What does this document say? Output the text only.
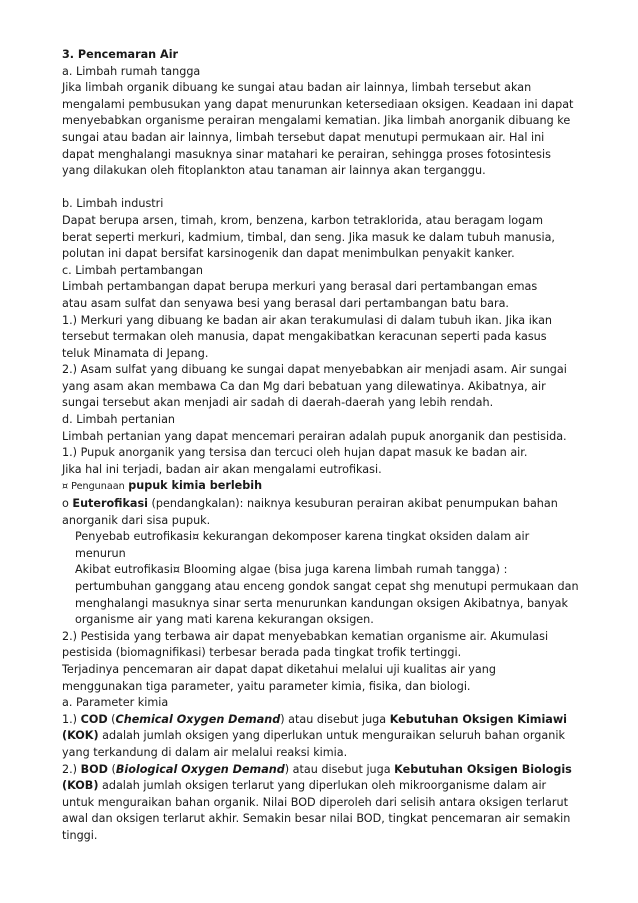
3. Pencemaran Air
a. Limbah rumah tangga
Jika limbah organik dibuang ke sungai atau badan air lainnya, limbah tersebut akan
mengalami pembusukan yang dapat menurunkan ketersediaan oksigen. Keadaan ini dapat
menyebabkan organisme perairan mengalami kematian. Jika limbah anorganik dibuang ke
sungai atau badan air lainnya, limbah tersebut dapat menutupi permukaan air. Hal ini
dapat menghalangi masuknya sinar matahari ke perairan, sehingga proses fotosintesis
yang dilakukan oleh fitoplankton atau tanaman air lainnya akan terganggu.
b. Limbah industri
Dapat berupa arsen, timah, krom, benzena, karbon tetraklorida, atau beragam logam
berat seperti merkuri, kadmium, timbal, dan seng. Jika masuk ke dalam tubuh manusia,
polutan ini dapat bersifat karsinogenik dan dapat menimbulkan penyakit kanker.
c. Limbah pertambangan
Limbah pertambangan dapat berupa merkuri yang berasal dari pertambangan emas
atau asam sulfat dan senyawa besi yang berasal dari pertambangan batu bara.
1.) Merkuri yang dibuang ke badan air akan terakumulasi di dalam tubuh ikan. Jika ikan
tersebut termakan oleh manusia, dapat mengakibatkan keracunan seperti pada kasus
teluk Minamata di Jepang.
2.) Asam sulfat yang dibuang ke sungai dapat menyebabkan air menjadi asam. Air sungai
yang asam akan membawa Ca dan Mg dari bebatuan yang dilewatinya. Akibatnya, air
sungai tersebut akan menjadi air sadah di daerah-daerah yang lebih rendah.
d. Limbah pertanian
Limbah pertanian yang dapat mencemari perairan adalah pupuk anorganik dan pestisida.
1.) Pupuk anorganik yang tersisa dan tercuci oleh hujan dapat masuk ke badan air.
Jika hal ini terjadi, badan air akan mengalami eutrofikasi.
¤ Pengunaan pupuk kimia berlebih
o Euterofikasi (pendangkalan): naiknya kesuburan perairan akibat penumpukan bahan
anorganik dari sisa pupuk.
Penyebab eutrofikasi¤ kekurangan dekomposer karena tingkat oksiden dalam air
menurun
Akibat eutrofikasi¤ Blooming algae (bisa juga karena limbah rumah tangga) :
pertumbuhan ganggang atau enceng gondok sangat cepat shg menutupi permukaan dan
menghalangi masuknya sinar serta menurunkan kandungan oksigen Akibatnya, banyak
organisme air yang mati karena kekurangan oksigen.
2.) Pestisida yang terbawa air dapat menyebabkan kematian organisme air. Akumulasi
pestisida (biomagnifikasi) terbesar berada pada tingkat trofik tertinggi.
Terjadinya pencemaran air dapat dapat diketahui melalui uji kualitas air yang
menggunakan tiga parameter, yaitu parameter kimia, fisika, dan biologi.
a. Parameter kimia
1.) COD (Chemical Oxygen Demand) atau disebut juga Kebutuhan Oksigen Kimiawi
(KOK) adalah jumlah oksigen yang diperlukan untuk menguraikan seluruh bahan organik
yang terkandung di dalam air melalui reaksi kimia.
2.) BOD (Biological Oxygen Demand) atau disebut juga Kebutuhan Oksigen Biologis
(KOB) adalah jumlah oksigen terlarut yang diperlukan oleh mikroorganisme dalam air
untuk menguraikan bahan organik. Nilai BOD diperoleh dari selisih antara oksigen terlarut
awal dan oksigen terlarut akhir. Semakin besar nilai BOD, tingkat pencemaran air semakin
tinggi.
